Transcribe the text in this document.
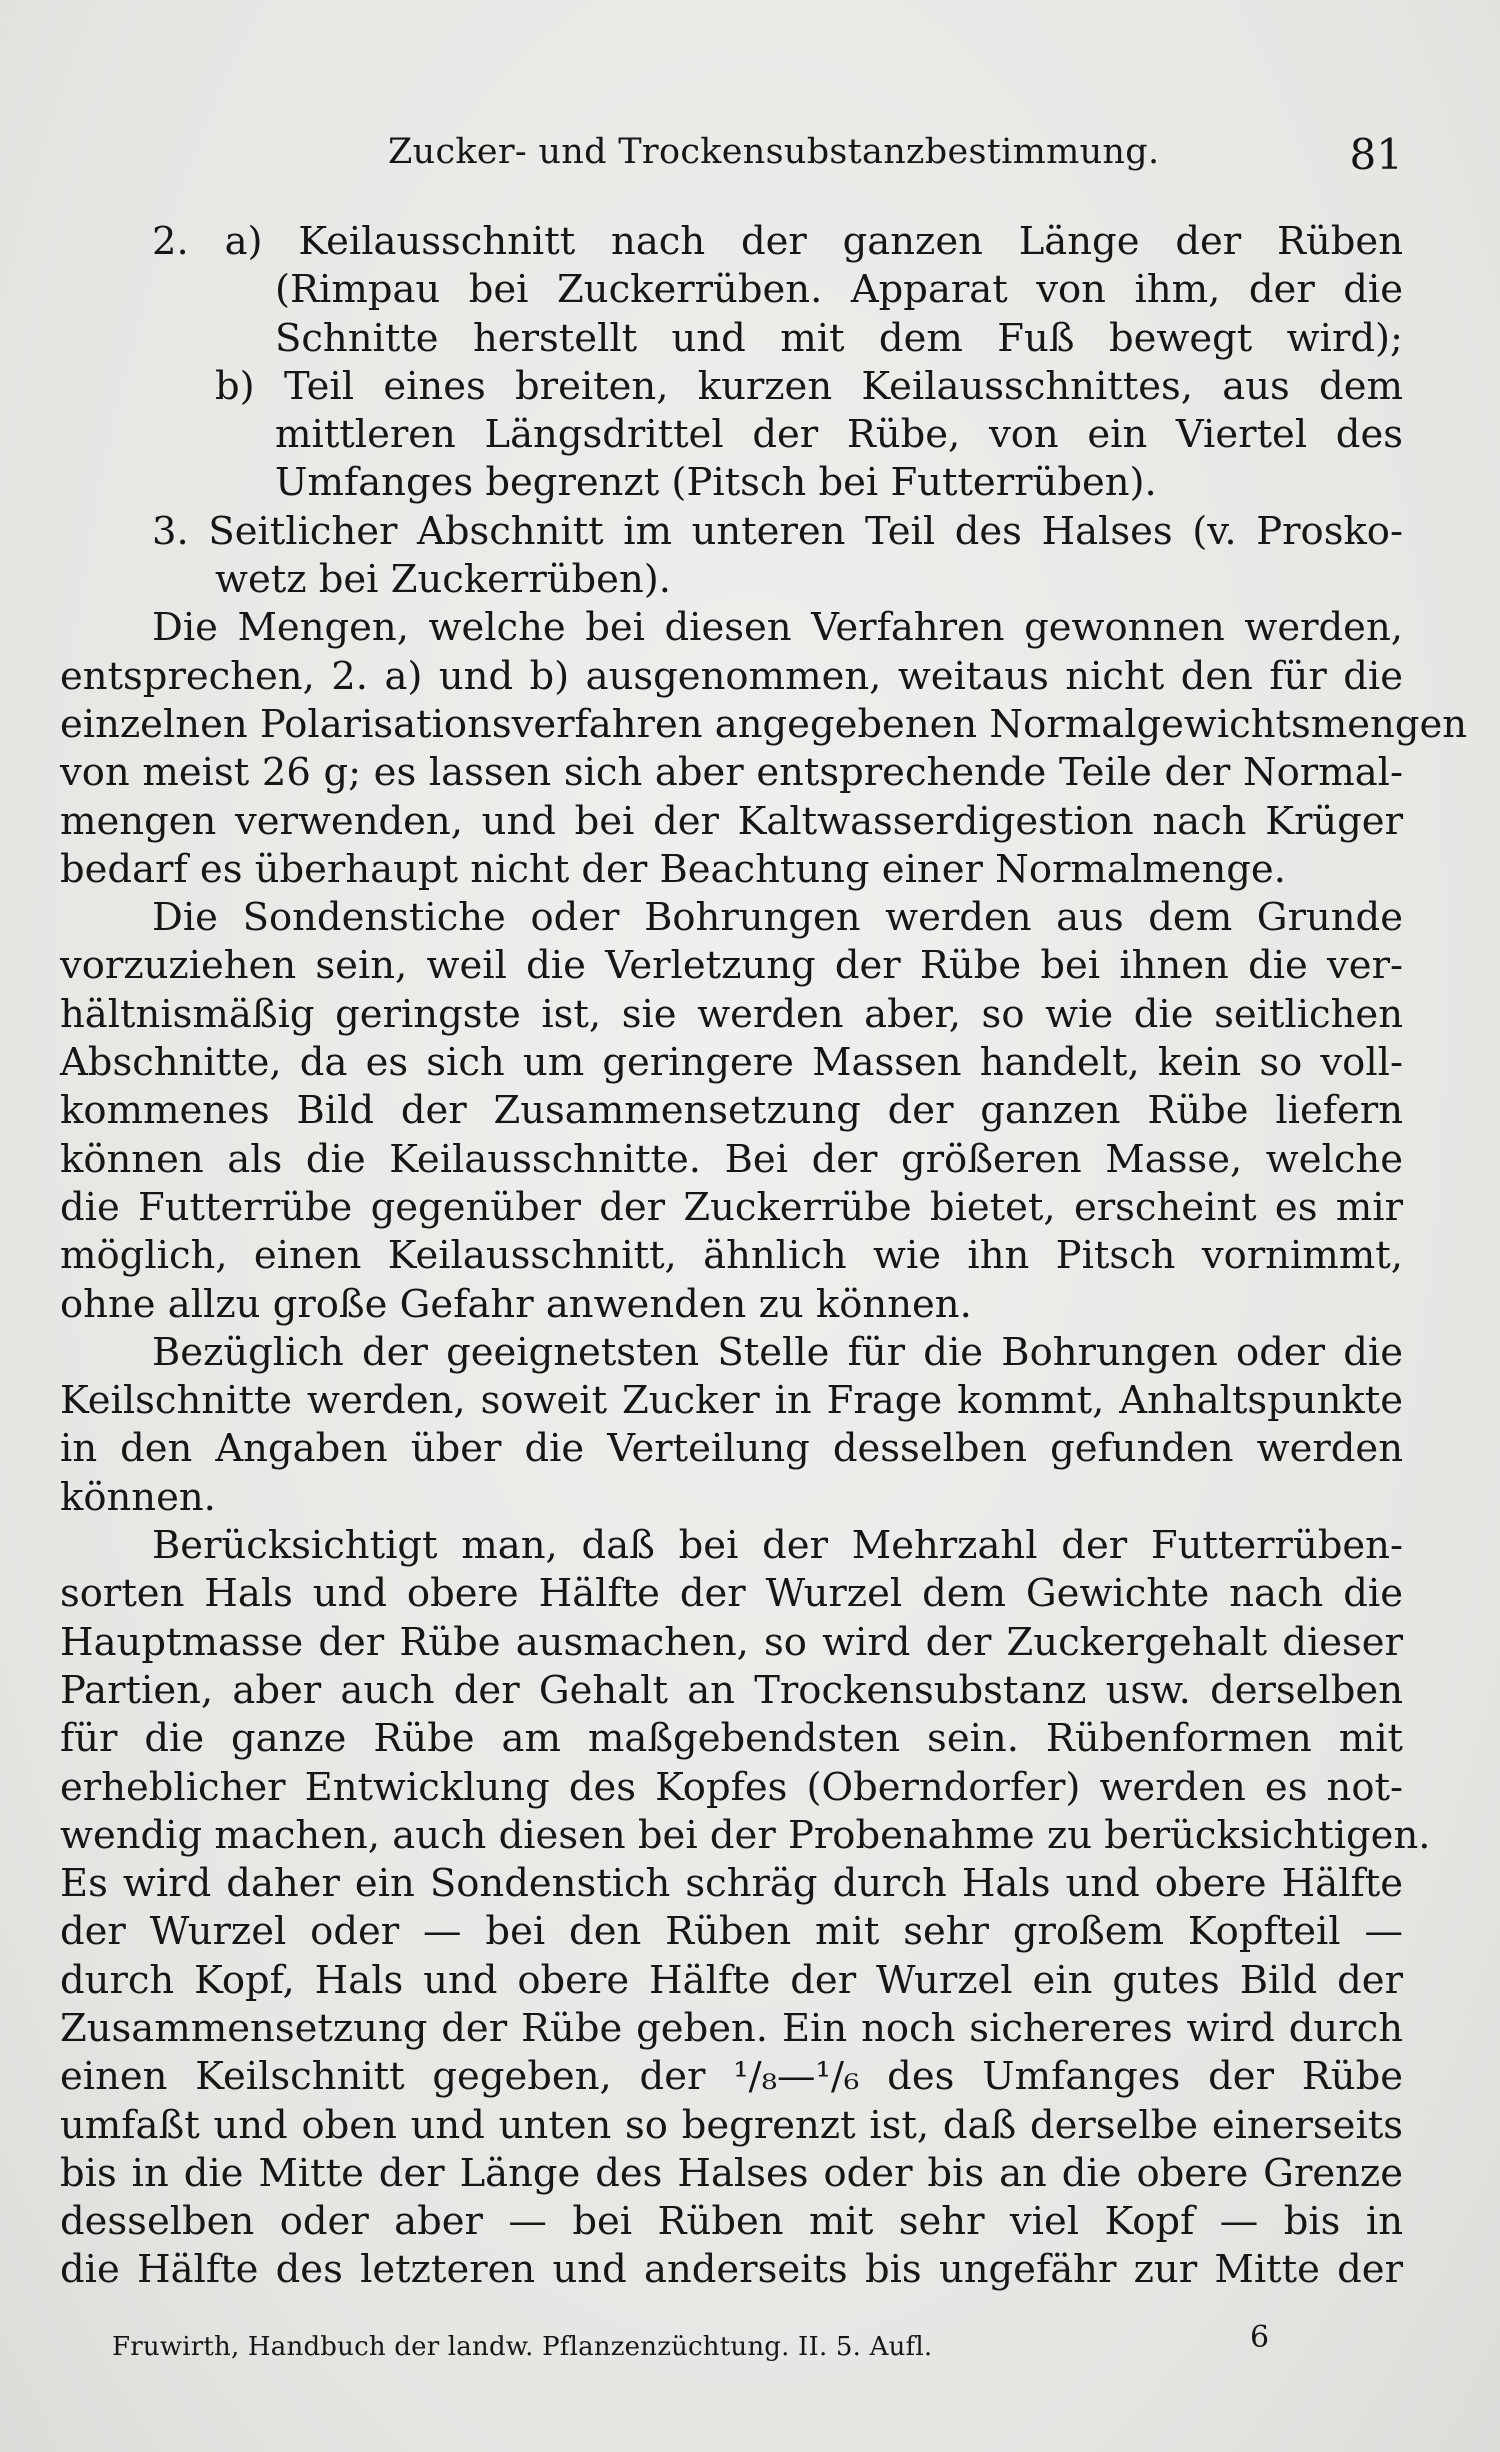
Zucker- und Trockensubstanzbestimmung.	81
2. a) Keilausschnitt nach der ganzen Länge der Rüben
(Rimpau bei Zuckerrüben. Apparat von ihm, der die
Schnitte herstellt und mit dem Fuß bewegt wird);
b) Teil eines breiten, kurzen Keilausschnittes, aus dem
mittleren Längsdrittel der Rübe, von ein Viertel des
Umfanges begrenzt (Pitsch bei Futterrüben).
3. Seitlicher Abschnitt im unteren Teil des Halses (v. Prosko-
wetz bei Zuckerrüben).
Die Mengen, welche bei diesen Verfahren gewonnen werden,
entsprechen, 2. a) und b) ausgenommen, weitaus nicht den für die
einzelnen Polarisationsverfahren angegebenen Normalgewichtsmengen
von meist 26 g; es lassen sich aber entsprechende Teile der Normal-
mengen verwenden, und bei der Kaltwasserdigestion nach Krüger
bedarf es überhaupt nicht der Beachtung einer Normalmenge.
Die Sondenstiche oder Bohrungen werden aus dem Grunde
vorzuziehen sein, weil die Verletzung der Rübe bei ihnen die ver-
hältnismäßig geringste ist, sie werden aber, so wie die seitlichen
Abschnitte, da es sich um geringere Massen handelt, kein so voll-
kommenes Bild der Zusammensetzung der ganzen Rübe liefern
können als die Keilausschnitte. Bei der größeren Masse, welche
die Futterrübe gegenüber der Zuckerrübe bietet, erscheint es mir
möglich, einen Keilausschnitt, ähnlich wie ihn Pitsch vornimmt,
ohne allzu große Gefahr anwenden zu können.
Bezüglich der geeignetsten Stelle für die Bohrungen oder die
Keilschnitte werden, soweit Zucker in Frage kommt, Anhaltspunkte
in den Angaben über die Verteilung desselben gefunden werden
können.
Berücksichtigt man, daß bei der Mehrzahl der Futterrüben-
sorten Hals und obere Hälfte der Wurzel dem Gewichte nach die
Hauptmasse der Rübe ausmachen, so wird der Zuckergehalt dieser
Partien, aber auch der Gehalt an Trockensubstanz usw. derselben
für die ganze Rübe am maßgebendsten sein. Rübenformen mit
erheblicher Entwicklung des Kopfes (Oberndorfer) werden es not-
wendig machen, auch diesen bei der Probenahme zu berücksichtigen.
Es wird daher ein Sondenstich schräg durch Hals und obere Hälfte
der Wurzel oder — bei den Rüben mit sehr großem Kopfteil —
durch Kopf, Hals und obere Hälfte der Wurzel ein gutes Bild der
Zusammensetzung der Rübe geben. Ein noch sichereres wird durch
einen Keilschnitt gegeben, der ¹/₈—¹/₆ des Umfanges der Rübe
umfaßt und oben und unten so begrenzt ist, daß derselbe einerseits
bis in die Mitte der Länge des Halses oder bis an die obere Grenze
desselben oder aber — bei Rüben mit sehr viel Kopf — bis in
die Hälfte des letzteren und anderseits bis ungefähr zur Mitte der
Fruwirth, Handbuch der landw. Pflanzenzüchtung. II. 5. Aufl.	6
